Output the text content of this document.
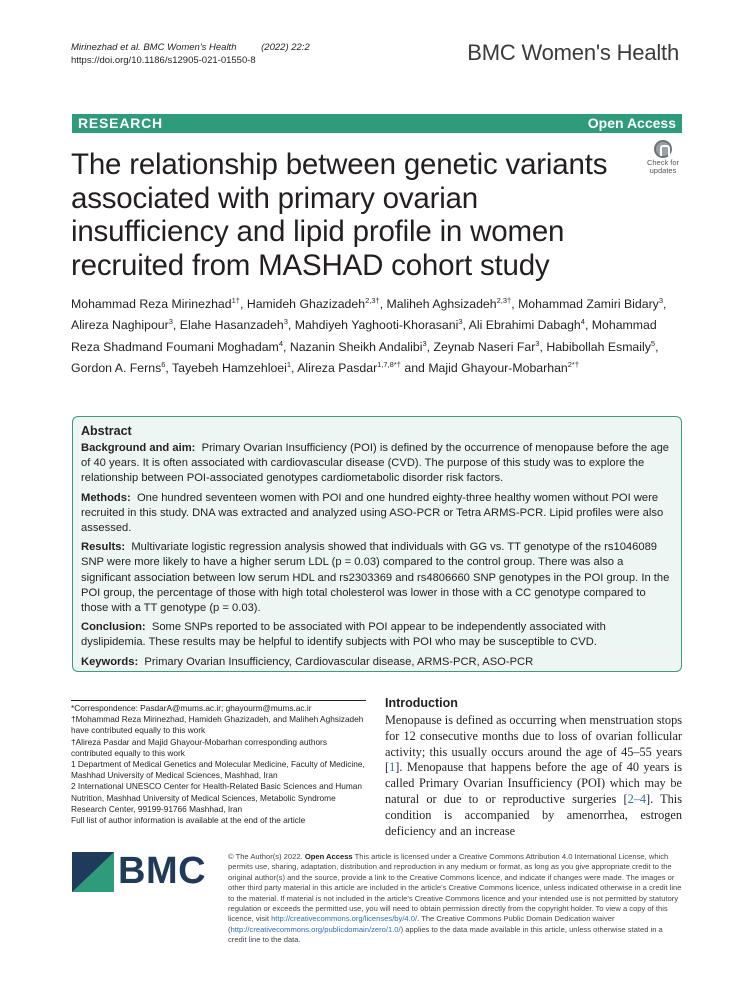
Mirinezhad et al. BMC Women's Health	(2022) 22:2
https://doi.org/10.1186/s12905-021-01550-8	BMC Women's Health
RESEARCH	Open Access
The relationship between genetic variants associated with primary ovarian insufficiency and lipid profile in women recruited from MASHAD cohort study
Check for
updates
Mohammad Reza Mirinezhad$^{1\dagger}$, Hamideh Ghazizadeh$^{2,3\dagger}$, Maliheh Aghsizadeh$^{2,3\dagger}$, Mohammad Zamiri Bidary$^3$, Alireza Naghipour$^3$, Elahe Hasanzadeh$^3$, Mahdiyeh Yaghooti-Khorasani$^3$, Ali Ebrahimi Dabagh$^4$, Mohammad Reza Shadmand Foumani Moghadam$^4$, Nazanin Sheikh Andalibi$^3$, Zeynab Naseri Far$^3$, Habibollah Esmaily$^5$, Gordon A. Ferns$^6$, Tayebeh Hamzehloei$^1$, Alireza Pasdar$^{1,7,8*\dagger}$ and Majid Ghayour-Mobarhan$^{2*\dagger}$
Abstract

Background and aim: Primary Ovarian Insufficiency (POI) is defined by the occurrence of menopause before the age of 40 years. It is often associated with cardiovascular disease (CVD). The purpose of this study was to explore the relationship between POI-associated genotypes cardiometabolic disorder risk factors.

Methods: One hundred seventeen women with POI and one hundred eighty-three healthy women without POI were recruited in this study. DNA was extracted and analyzed using ASO-PCR or Tetra ARMS-PCR. Lipid profiles were also assessed.

Results: Multivariate logistic regression analysis showed that individuals with GG vs. TT genotype of the rs1046089 SNP were more likely to have a higher serum LDL (p = 0.03) compared to the control group. There was also a significant association between low serum HDL and rs2303369 and rs4806660 SNP genotypes in the POI group. In the POI group, the percentage of those with high total cholesterol was lower in those with a CC genotype compared to those with a TT genotype (p = 0.03).

Conclusion: Some SNPs reported to be associated with POI appear to be independently associated with dyslipidemia. These results may be helpful to identify subjects with POI who may be susceptible to CVD.

Keywords: Primary Ovarian Insufficiency, Cardiovascular disease, ARMS-PCR, ASO-PCR

*Correspondence: PasdarA@mums.ac.ir; ghayourm@mums.ac.ir
†Mohammad Reza Mirinezhad, Hamideh Ghazizadeh, and Maliheh Aghsizadeh have contributed equally to this work
†Alireza Pasdar and Majid Ghayour-Mobarhan corresponding authors contributed equally to this work
1 Department of Medical Genetics and Molecular Medicine, Faculty of Medicine, Mashhad University of Medical Sciences, Mashhad, Iran
2 International UNESCO Center for Health-Related Basic Sciences and Human Nutrition, Mashhad University of Medical Sciences, Metabolic Syndrome Research Center, 99199-91766 Mashhad, Iran
Full list of author information is available at the end of the article
Introduction

Menopause is defined as occurring when menstruation stops for 12 consecutive months due to loss of ovarian follicular activity; this usually occurs around the age of 45–55 years [1]. Menopause that happens before the age of 40 years is called Primary Ovarian Insufficiency (POI) which may be natural or due to or reproductive surgeries [2–4]. This condition is accompanied by amenorrhea, estrogen deficiency and an increase

BMC	© The Author(s) 2022. Open Access This article is licensed under a Creative Commons Attribution 4.0 International License, which permits use, sharing, adaptation, distribution and reproduction in any medium or format, as long as you give appropriate credit to the original author(s) and the source, provide a link to the Creative Commons licence, and indicate if changes were made. The images or other third party material in this article are included in the article's Creative Commons licence, unless indicated otherwise in a credit line to the material. If material is not included in the article's Creative Commons licence and your intended use is not permitted by statutory regulation or exceeds the permitted use, you will need to obtain permission directly from the copyright holder. To view a copy of this licence, visit http://creativecommons.org/licenses/by/4.0/. The Creative Commons Public Domain Dedication waiver (http://creativecommons.org/publicdomain/zero/1.0/) applies to the data made available in this article, unless otherwise stated in a credit line to the data.
